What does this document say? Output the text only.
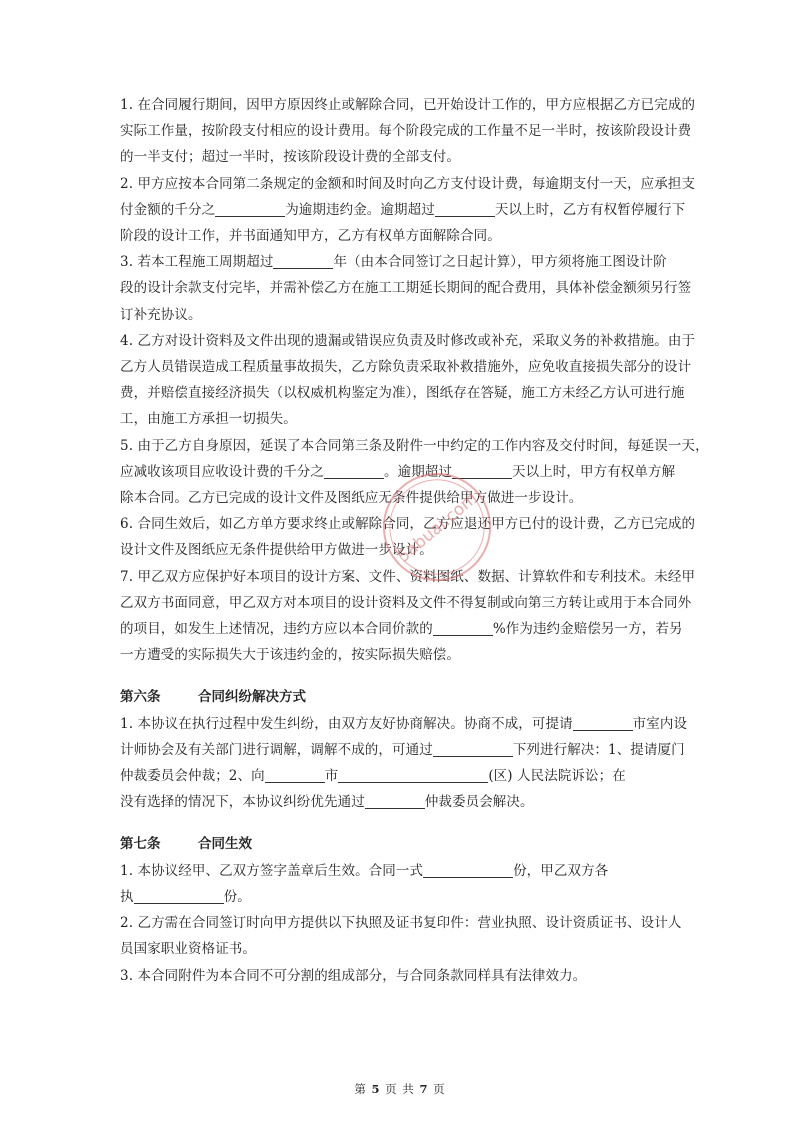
1. 在合同履行期间，因甲方原因终止或解除合同，已开始设计工作的，甲方应根据乙方已完成的
实际工作量，按阶段支付相应的设计费用。每个阶段完成的工作量不足一半时，按该阶段设计费
的一半支付；超过一半时，按该阶段设计费的全部支付。

2. 甲方应按本合同第二条规定的金额和时间及时向乙方支付设计费，每逾期支付一天，应承担支
付金额的千分之	为逾期违约金。逾期超过	天以上时，乙方有权暂停履行下
阶段的设计工作，并书面通知甲方，乙方有权单方面解除合同。

3. 若本工程施工周期超过	年（由本合同签订之日起计算），甲方须将施工图设计阶
段的设计余款支付完毕，并需补偿乙方在施工工期延长期间的配合费用，具体补偿金额须另行签
订补充协议。

4. 乙方对设计资料及文件出现的遗漏或错误应负责及时修改或补充，采取义务的补救措施。由于
乙方人员错误造成工程质量事故损失，乙方除负责采取补救措施外，应免收直接损失部分的设计
费，并赔偿直接经济损失（以权威机构鉴定为准），图纸存在答疑，施工方未经乙方认可进行施
工，由施工方承担一切损失。

5. 由于乙方自身原因，延误了本合同第三条及附件一中约定的工作内容及交付时间，每延误一天，
应减收该项目应收设计费的千分之	。逾期超过	天以上时，甲方有权单方解
除本合同。乙方已完成的设计文件及图纸应无条件提供给甲方做进一步设计。

6. 合同生效后，如乙方单方要求终止或解除合同，乙方应退还甲方已付的设计费，乙方已完成的
设计文件及图纸应无条件提供给甲方做进一步设计。

7. 甲乙双方应保护好本项目的设计方案、文件、资料图纸、数据、计算软件和专利技术。未经甲
乙双方书面同意，甲乙双方对本项目的设计资料及文件不得复制或向第三方转让或用于本合同外
的项目，如发生上述情况，违约方应以本合同价款的	%作为违约金赔偿另一方，若另
一方遭受的实际损失大于该违约金的，按实际损失赔偿。

第六条	合同纠纷解决方式

1. 本协议在执行过程中发生纠纷，由双方友好协商解决。协商不成，可提请	市室内设
计师协会及有关部门进行调解，调解不成的，可通过	下列进行解决：1、提请厦门
仲裁委员会仲裁；2、向	市	(区) 人民法院诉讼；在
没有选择的情况下，本协议纠纷优先通过	仲裁委员会解决。

第七条	合同生效

1. 本协议经甲、乙双方签字盖章后生效。合同一式	份，甲乙双方各
执	份。
2. 乙方需在合同签订时向甲方提供以下执照及证书复印件：营业执照、设计资质证书、设计人
员国家职业资格证书。
3. 本合同附件为本合同不可分割的组成部分，与合同条款同样具有法律效力。

5abuai.com
第 5 页 共 7 页
